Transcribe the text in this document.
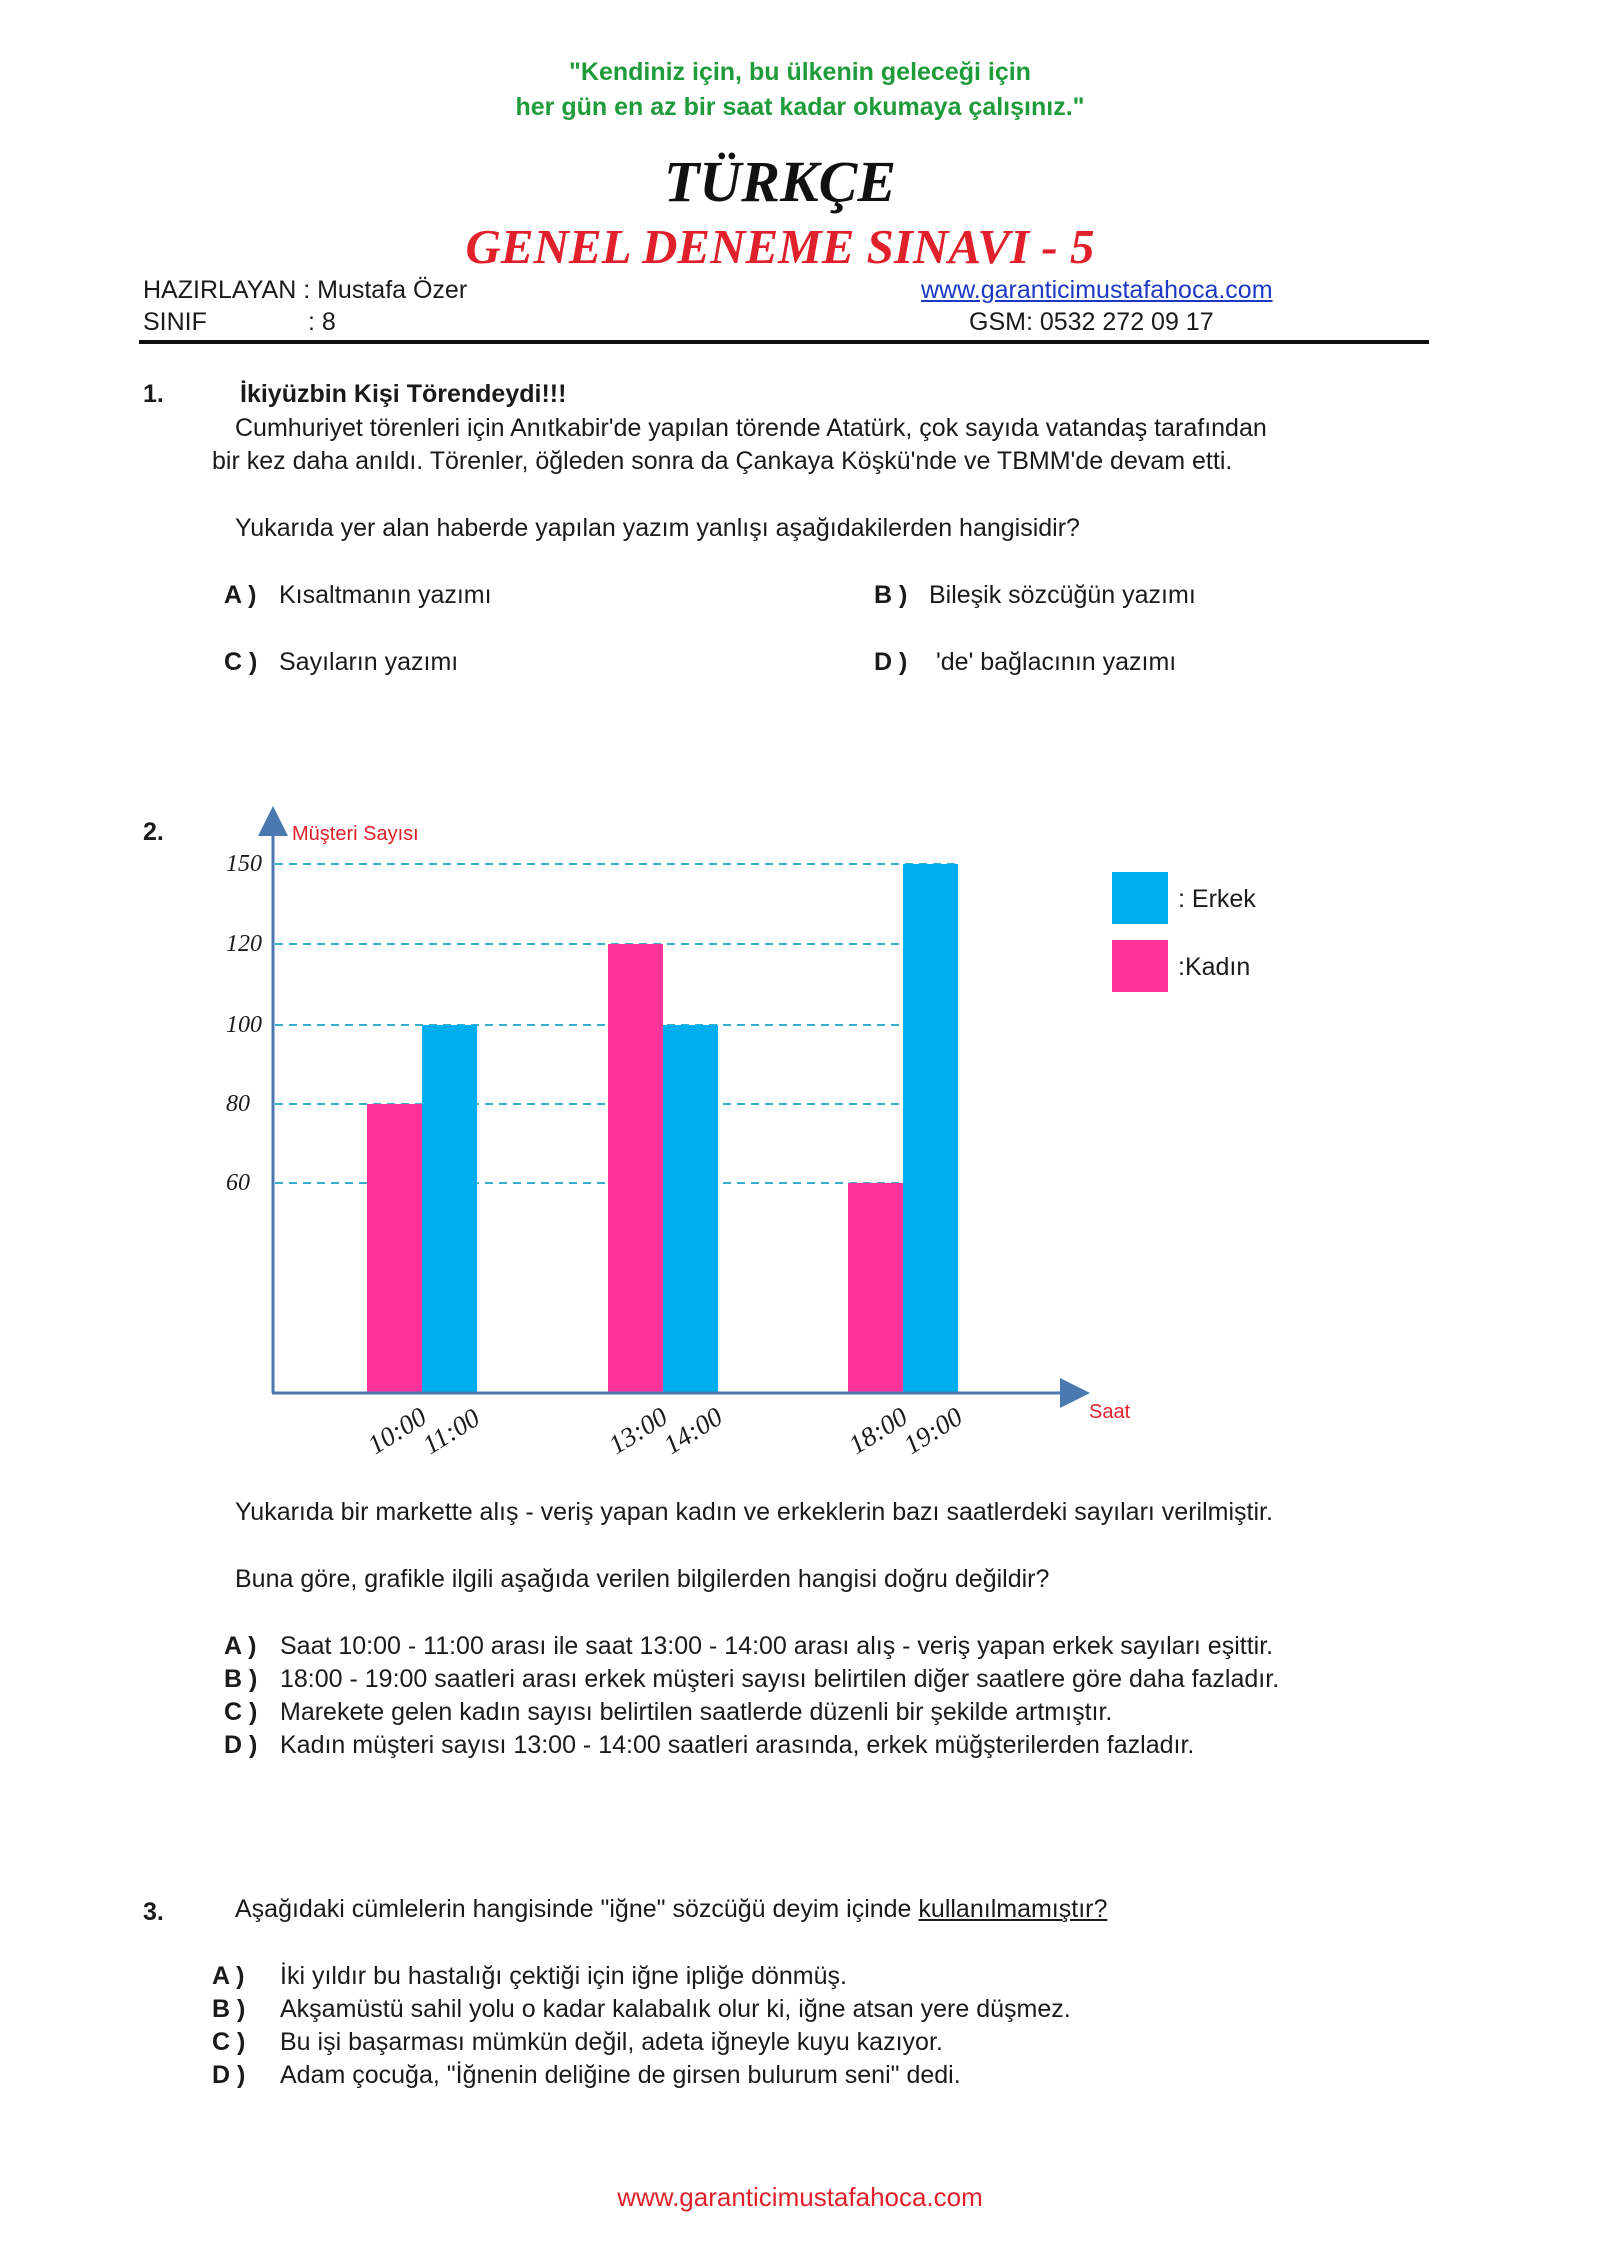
"Kendiniz için, bu ülkenin geleceği için
her gün en az bir saat kadar okumaya çalışınız."
TÜRKÇE
GENEL DENEME SINAVI - 5
HAZIRLAYAN : Mustafa Özer
SINIF	: 8
www.garanticimustafahoca.com
GSM: 0532 272 09 17
1.	İkiyüzbin Kişi Törendeydi!!!
Cumhuriyet törenleri için Anıtkabir'de yapılan törende Atatürk, çok sayıda vatandaş tarafından
bir kez daha anıldı. Törenler, öğleden sonra da Çankaya Köşkü'nde ve TBMM'de devam etti.
Yukarıda yer alan haberde yapılan yazım yanlışı aşağıdakilerden hangisidir?
A ) Kısaltmanın yazımı	B ) Bileşik sözcüğün yazımı
C ) Sayıların yazımı	D ) 'de' bağlacının yazımı
2.	Müşteri Sayısı
Saat
60
80
100
120
150
10:00
11:00	13:00
14:00	18:00
19:00
: Erkek
:Kadın
Yukarıda bir markette alış - veriş yapan kadın ve erkeklerin bazı saatlerdeki sayıları verilmiştir.
Buna göre, grafikle ilgili aşağıda verilen bilgilerden hangisi doğru değildir?
A ) Saat 10:00 - 11:00 arası ile saat 13:00 - 14:00 arası alış - veriş yapan erkek sayıları eşittir.
B ) 18:00 - 19:00 saatleri arası erkek müşteri sayısı belirtilen diğer saatlere göre daha fazladır.
C ) Marekete gelen kadın sayısı belirtilen saatlerde düzenli bir şekilde artmıştır.
D ) Kadın müşteri sayısı 13:00 - 14:00 saatleri arasında, erkek müğşterilerden fazladır.
3.	Aşağıdaki cümlelerin hangisinde "iğne" sözcüğü deyim içinde kullanılmamıştır?
A ) İki yıldır bu hastalığı çektiği için iğne ipliğe dönmüş.
B ) Akşamüstü sahil yolu o kadar kalabalık olur ki, iğne atsan yere düşmez.
C ) Bu işi başarması mümkün değil, adeta iğneyle kuyu kazıyor.
D ) Adam çocuğa, "İğnenin deliğine de girsen bulurum seni" dedi.
www.garanticimustafahoca.com
